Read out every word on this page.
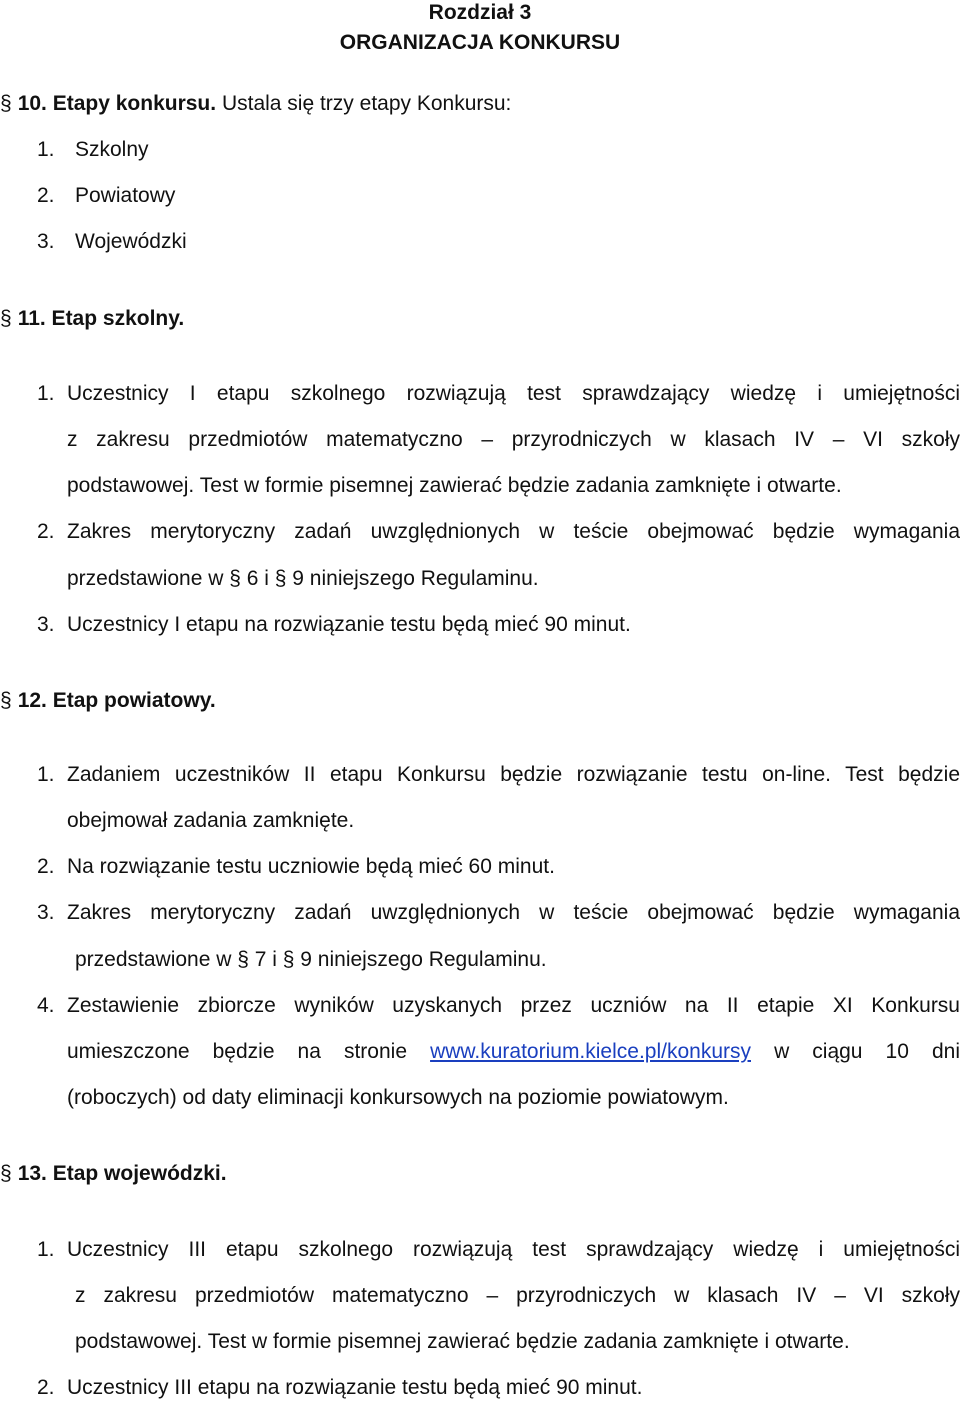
Rozdział 3
ORGANIZACJA KONKURSU
§ 10. Etapy konkursu. Ustala się trzy etapy Konkursu:
1. Szkolny
2. Powiatowy
3. Wojewódzki
§ 11. Etap szkolny.
1. Uczestnicy I etapu szkolnego rozwiązują test sprawdzający wiedzę i umiejętności
z zakresu przedmiotów matematyczno – przyrodniczych w klasach IV – VI szkoły
podstawowej. Test w formie pisemnej zawierać będzie zadania zamknięte i otwarte.
2. Zakres merytoryczny zadań uwzględnionych w teście obejmować będzie wymagania
przedstawione w § 6 i § 9 niniejszego Regulaminu.
3. Uczestnicy I etapu na rozwiązanie testu będą mieć 90 minut.
§ 12. Etap powiatowy.
1. Zadaniem uczestników II etapu Konkursu będzie rozwiązanie testu on-line. Test będzie
obejmował zadania zamknięte.
2. Na rozwiązanie testu uczniowie będą mieć 60 minut.
3. Zakres merytoryczny zadań uwzględnionych w teście obejmować będzie wymagania
przedstawione w § 7 i § 9 niniejszego Regulaminu.
4. Zestawienie zbiorcze wyników uzyskanych przez uczniów na II etapie XI Konkursu
umieszczone będzie na stronie www.kuratorium.kielce.pl/konkursy w ciągu 10 dni
(roboczych) od daty eliminacji konkursowych na poziomie powiatowym.
§ 13. Etap wojewódzki.
1. Uczestnicy III etapu szkolnego rozwiązują test sprawdzający wiedzę i umiejętności
z zakresu przedmiotów matematyczno – przyrodniczych w klasach IV – VI szkoły
podstawowej. Test w formie pisemnej zawierać będzie zadania zamknięte i otwarte.
2. Uczestnicy III etapu na rozwiązanie testu będą mieć 90 minut.
